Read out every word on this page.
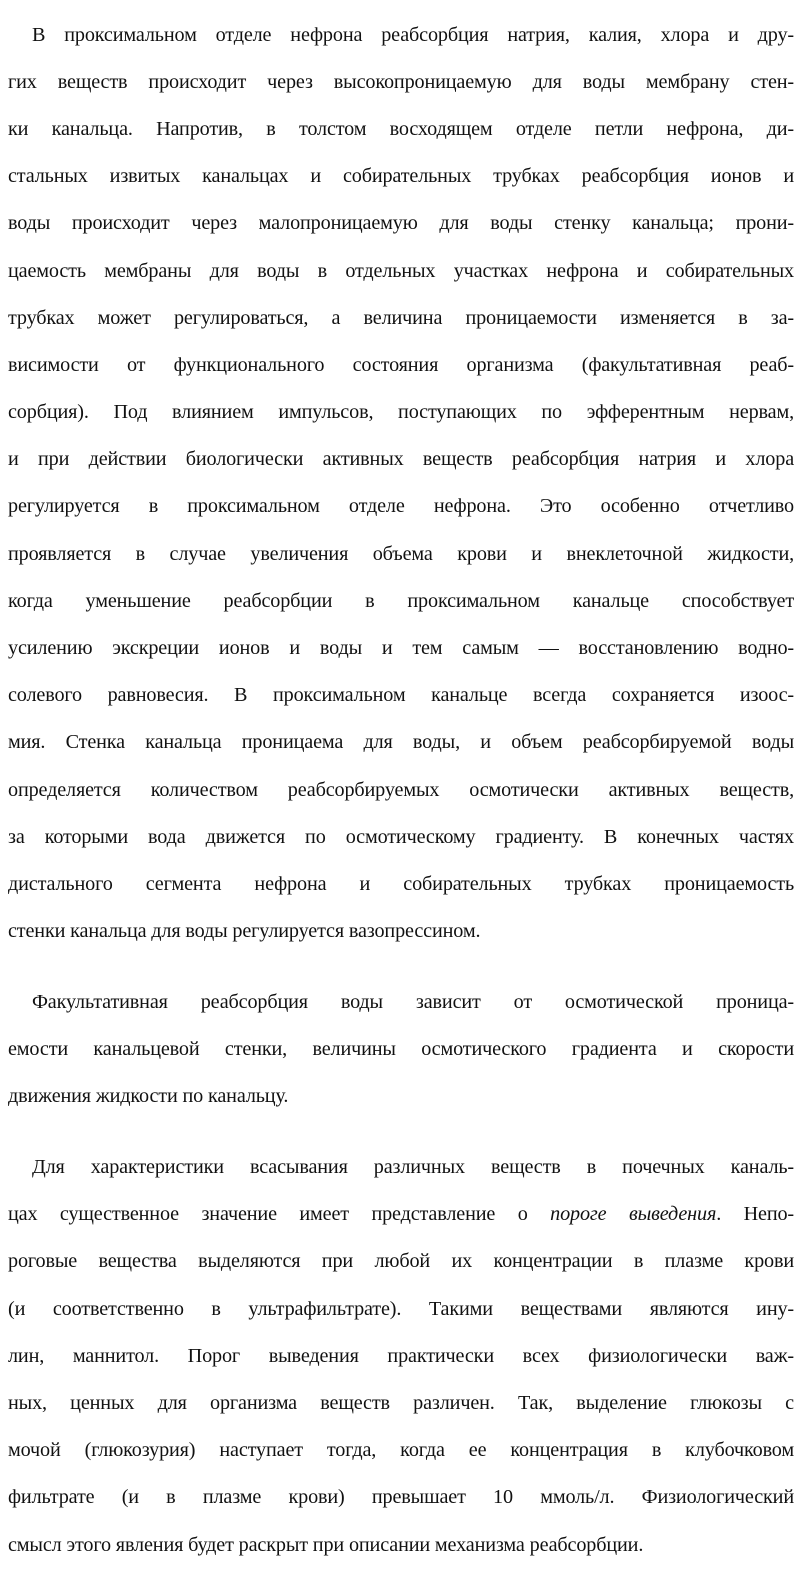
В проксимальном отделе нефрона реабсорбция натрия, калия, хлора и дру-

гих веществ происходит через высокопроницаемую для воды мембрану стен-

ки канальца. Напротив, в толстом восходящем отделе петли нефрона, ди-

стальных извитых канальцах и собирательных трубках реабсорбция ионов и

воды происходит через малопроницаемую для воды стенку канальца; прони-

цаемость мембраны для воды в отдельных участках нефрона и собирательных

трубках может регулироваться, а величина проницаемости изменяется в за-

висимости от функционального состояния организма (факультативная реаб-

сорбция). Под влиянием импульсов, поступающих по эфферентным нервам,

и при действии биологически активных веществ реабсорбция натрия и хлора

регулируется в проксимальном отделе нефрона. Это особенно отчетливо

проявляется в случае увеличения объема крови и внеклеточной жидкости,

когда уменьшение реабсорбции в проксимальном канальце способствует

усилению экскреции ионов и воды и тем самым — восстановлению водно-

солевого равновесия. В проксимальном канальце всегда сохраняется изоос-

мия. Стенка канальца проницаема для воды, и объем реабсорбируемой воды

определяется количеством реабсорбируемых осмотически активных веществ,

за которыми вода движется по осмотическому градиенту. В конечных частях

дистального сегмента нефрона и собирательных трубках проницаемость

стенки канальца для воды регулируется вазопрессином.

Факультативная реабсорбция воды зависит от осмотической проница-

емости канальцевой стенки, величины осмотического градиента и скорости

движения жидкости по канальцу.

Для характеристики всасывания различных веществ в почечных каналь-

цах существенное значение имеет представление о порогe выведения. Непо-

роговые вещества выделяются при любой их концентрации в плазме крови

(и соответственно в ультрафильтрате). Такими веществами являются ину-

лин, маннитол. Порог выведения практически всех физиологически важ-

ных, ценных для организма веществ различен. Так, выделение глюкозы с

мочой (глюкозурия) наступает тогда, когда ее концентрация в клубочковом

фильтрате (и в плазме крови) превышает 10 ммоль/л. Физиологический

смысл этого явления будет раскрыт при описании механизма реабсорбции.
